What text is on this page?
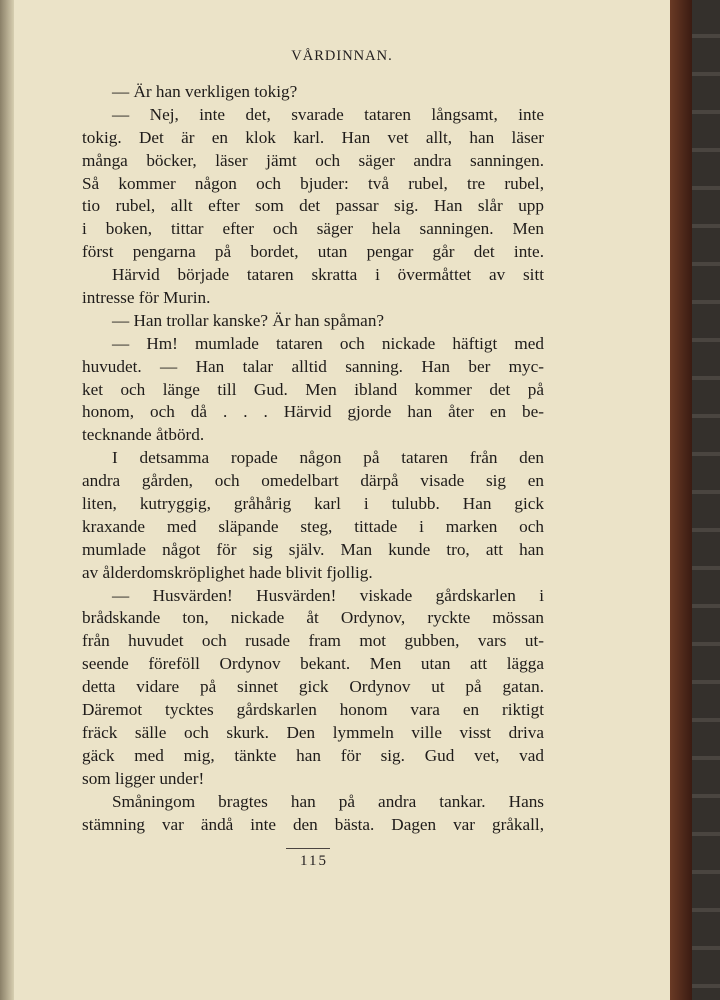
VÅRDINNAN.
— Är han verkligen tokig?
— Nej, inte det, svarade tataren långsamt, inte
tokig. Det är en klok karl. Han vet allt, han läser
många böcker, läser jämt och säger andra sanningen.
Så kommer någon och bjuder: två rubel, tre rubel,
tio rubel, allt efter som det passar sig. Han slår upp
i boken, tittar efter och säger hela sanningen. Men
först pengarna på bordet, utan pengar går det inte.
Härvid började tataren skratta i övermåttet av sitt
intresse för Murin.
— Han trollar kanske? Är han spåman?
— Hm! mumlade tataren och nickade häftigt med
huvudet. — Han talar alltid sanning. Han ber myc-
ket och länge till Gud. Men ibland kommer det på
honom, och då . . . Härvid gjorde han åter en be-
tecknande åtbörd.
I detsamma ropade någon på tataren från den
andra gården, och omedelbart därpå visade sig en
liten, kutryggig, gråhårig karl i tulubb. Han gick
kraxande med släpande steg, tittade i marken och
mumlade något för sig själv. Man kunde tro, att han
av ålderdomskröplighet hade blivit fjollig.
— Husvärden! Husvärden! viskade gårdskarlen i
brådskande ton, nickade åt Ordynov, ryckte mössan
från huvudet och rusade fram mot gubben, vars ut-
seende föreföll Ordynov bekant. Men utan att lägga
detta vidare på sinnet gick Ordynov ut på gatan.
Däremot tycktes gårdskarlen honom vara en riktigt
fräck sälle och skurk. Den lymmeln ville visst driva
gäck med mig, tänkte han för sig. Gud vet, vad
som ligger under!
Småningom bragtes han på andra tankar. Hans
stämning var ändå inte den bästa. Dagen var gråkall,
115
